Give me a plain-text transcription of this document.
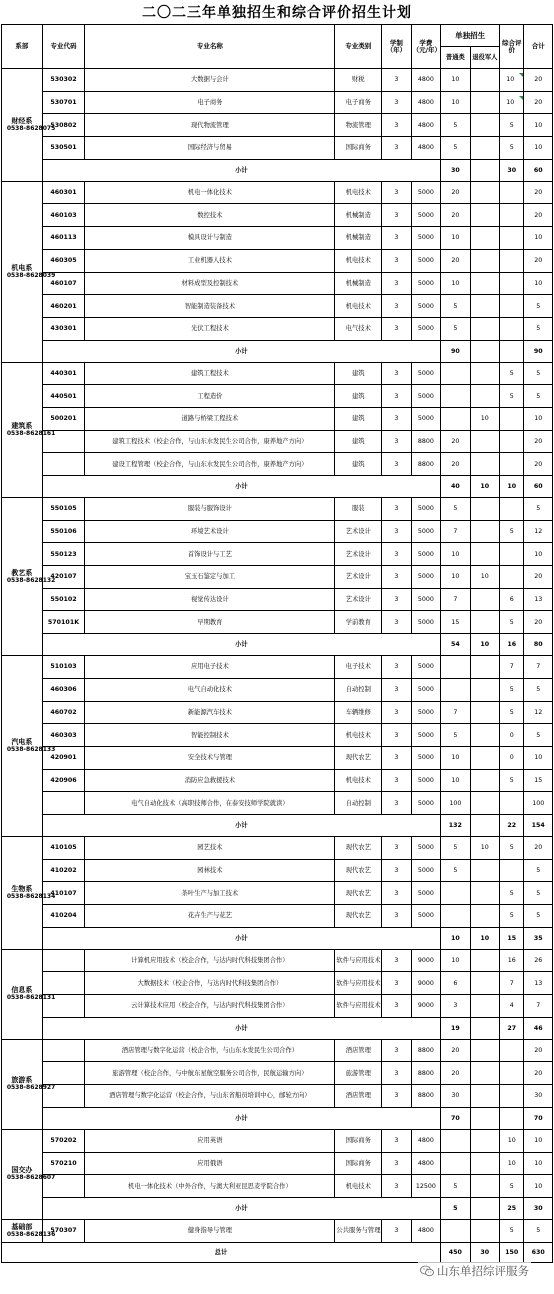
二〇二三年单独招生和综合评价招生计划
系部	专业代码	专业名称	专业类别	学制（年）	学费（元/年）	单独招生		综合评价	合计
						普通类	退役军人		

财经系
0538-8628075	530302	大数据与会计	财税	3	4800	10		10	20
	530701	电子商务	电子商务	3	4800	10		10	20
	530802	现代物流管理	物流管理	3	4800	5		5	10
	530501	国际经济与贸易	国际商务	3	4800	5		5	10
	小计					30		30	60

机电系
0538-8628039	460301	机电一体化技术	机电技术	3	5000	20			20
	460103	数控技术	机械制造	3	5000	20			20
	460113	模具设计与制造	机械制造	3	5000	10			10
	460305	工业机器人技术	机电技术	3	5000	20			20
	460107	材料成型及控制技术	机械制造	3	5000	10			10
	460201	智能制造装备技术	机电技术	3	5000	5			5
	430301	光伏工程技术	电气技术	3	5000	5			5
	小计					90			90

建筑系
0538-8628161	440301	建筑工程技术	建筑	3	5000			5	5
	440501	工程造价	建筑	3	5000			5	5
	500201	道路与桥梁工程技术	建筑	3	5000		10		10
		建筑工程技术（校企合作，与山东水发民生公司合作，康养地产方向）	建筑	3	8800	20			20
		建设工程管理（校企合作，与山东水发民生公司合作，康养地产方向）	建筑	3	8800	20			20
	小计					40	10	10	60

教艺系
0538-8628132	550105	服装与服饰设计	服装	3	5000	5			5
	550106	环境艺术设计	艺术设计	3	5000	7		5	12
	550123	首饰设计与工艺	艺术设计	3	5000	10			10
	420107	宝玉石鉴定与加工	艺术设计	3	5000	10	10		20
	550102	视觉传达设计	艺术设计	3	5000	7		6	13
	570101K	早期教育	学前教育	3	5000	15		5	20
	小计					54	10	16	80

汽电系
0538-8628133	510103	应用电子技术	电子技术	3	5000			7	7
	460306	电气自动化技术	自动控制	3	5000			5	5
	460702	新能源汽车技术	车辆维修	3	5000	7		5	12
	460303	智能控制技术	机电技术	3	5000	5		0	5
	420901	安全技术与管理	现代农艺	3	5000	10		0	10
	420906	消防应急救援技术	机电技术	3	5000	10		5	15
		电气自动化技术（高职技师合作，在泰安技师学院就读）	自动控制	3	5000	100			100
	小计					132		22	154

生物系
0538-8628134	410105	园艺技术	现代农艺	3	5000	5	10	5	20
	410202	园林技术	现代农艺	3	5000	5			5
	410107	茶叶生产与加工技术	现代农艺	3	5000			5	5
	410204	花卉生产与花艺	现代农艺	3	5000			5	5
	小计					10	10	15	35

信息系
0538-8628131		计算机应用技术（校企合作，与达内时代科技集团合作）	软件与应用技术	3	9000	10		16	26
		大数据技术（校企合作，与达内时代科技集团合作）	软件与应用技术	3	9000	6		7	13
		云计算技术应用（校企合作，与达内时代科技集团合作）	软件与应用技术	3	9000	3		4	7
	小计					19		27	46

旅游系
0538-8628927		酒店管理与数字化运营（校企合作，与山东水发民生公司合作）	酒店管理	3	8800	20			20
		旅游管理（校企合作，与中航东星航空服务公司合作，民航运输方向）	旅游管理	3	8800	20			20
		酒店管理与数字化运营（校企合作，与山东省船员培训中心，邮轮方向）	酒店管理	3	8800	30			30
	小计					70			70

国交办
0538-8628607	570202	应用英语	国际商务	3	4800			10	10
	570210	应用俄语	国际商务	3	4800			10	10
		机电一体化技术（中外合作，与澳大利亚昆思麦学院合作）	机电技术	3	12500	5		5	10
	小计					5		25	30

基础部
0538-8628136	570307	健身指导与管理	公共服务与管理	3	4800			5	5
总计						450	30	150	630
山东单招综评服务
